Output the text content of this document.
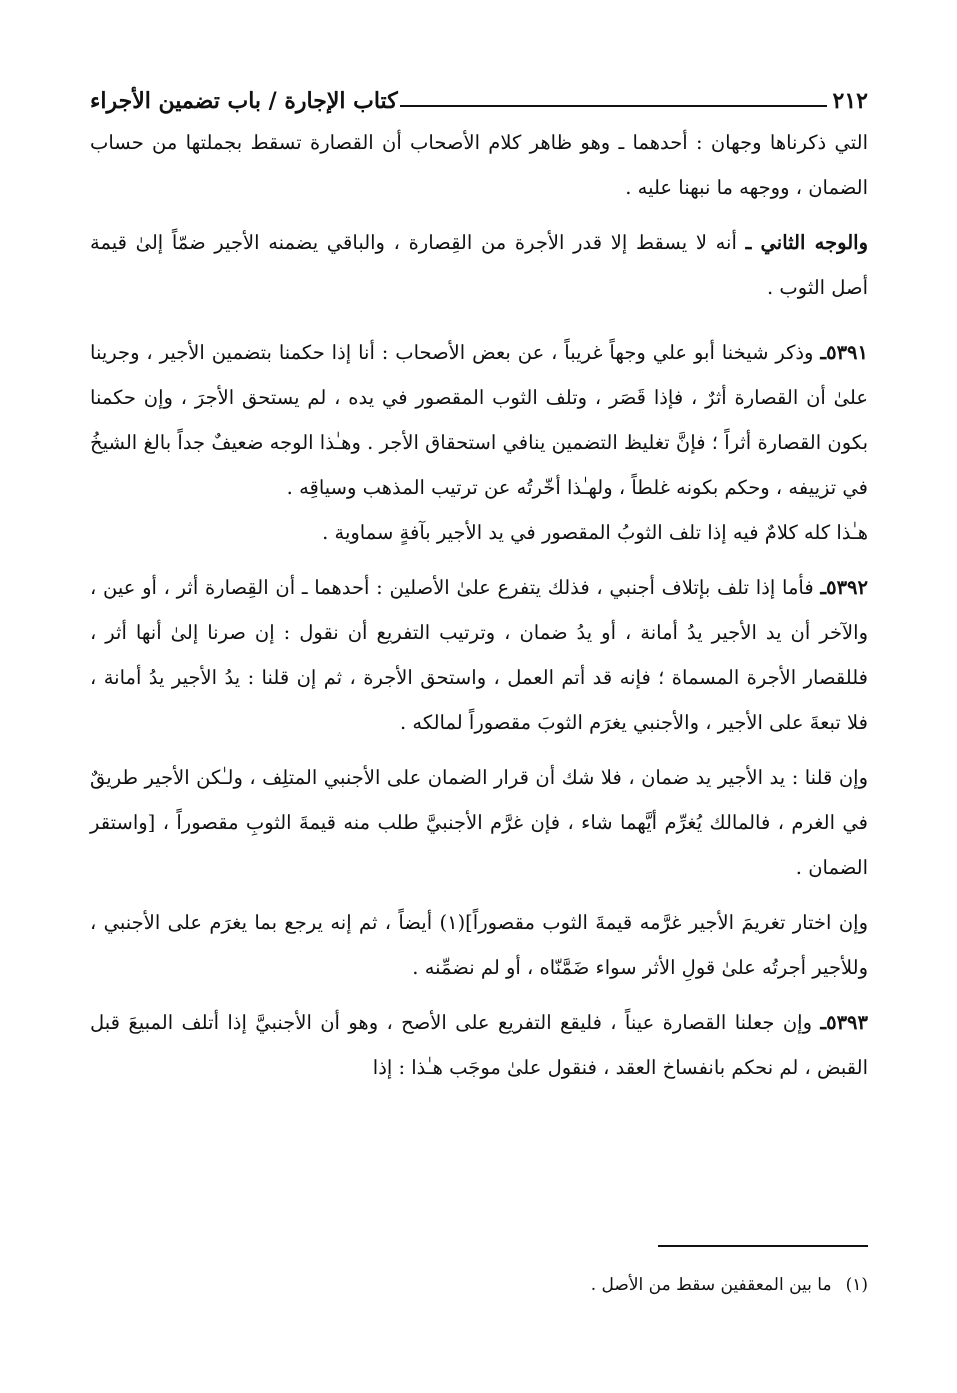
٢١٢
كتاب الإجارة / باب تضمين الأجراء

التي ذكرناها وجهان : أحدهما ـ وهو ظاهر كلام الأصحاب أن القصارة تسقط بجملتها من حساب الضمان ، ووجهه ما نبهنا عليه .

والوجه الثاني ـ أنه لا يسقط إلا قدر الأجرة من القِصارة ، والباقي يضمنه الأجير ضمّاً إلىٰ قيمة أصل الثوب .

٥٣٩١ـ وذكر شيخنا أبو علي وجهاً غريباً ، عن بعض الأصحاب : أنا إذا حكمنا بتضمين الأجير ، وجرينا علىٰ أن القصارة أثرٌ ، فإذا قَصَر ، وتلف الثوب المقصور في يده ، لم يستحق الأجرَ ، وإن حكمنا بكون القصارة أثراً ؛ فإنَّ تغليظ التضمين ينافي استحقاق الأجر . وهـٰذا الوجه ضعيفٌ جداً بالغ الشيخُ في تزييفه ، وحكم بكونه غلطاً ، ولهـٰذا أخّرتُه عن ترتيب المذهب وسياقِه .

هـٰذا كله كلامٌ فيه إذا تلف الثوبُ المقصور في يد الأجير بآفةٍ سماوية .

٥٣٩٢ـ فأما إذا تلف بإتلاف أجنبي ، فذلك يتفرع علىٰ الأصلين : أحدهما ـ أن القِصارة أثر ، أو عين ، والآخر أن يد الأجير يدُ أمانة ، أو يدُ ضمان ، وترتيب التفريع أن نقول : إن صرنا إلىٰ أنها أثر ، فللقصار الأجرة المسماة ؛ فإنه قد أتم العمل ، واستحق الأجرة ، ثم إن قلنا : يدُ الأجير يدُ أمانة ، فلا تبعةَ على الأجير ، والأجنبي يغرَم الثوبَ مقصوراً لمالكه .

وإن قلنا : يد الأجير يد ضمان ، فلا شك أن قرار الضمان على الأجنبي المتلِف ، ولـٰكن الأجير طريقٌ في الغرم ، فالمالك يُغرِّم أيَّهما شاء ، فإن غرَّم الأجنبيَّ طلب منه قيمةَ الثوبِ مقصوراً ، [واستقر الضمان .

وإن اختار تغريمَ الأجير غرَّمه قيمةَ الثوب مقصوراً](١) أيضاً ، ثم إنه يرجع بما يغرَم على الأجنبي ، وللأجير أجرتُه علىٰ قولِ الأثر سواء ضَمَّنّاه ، أو لم نضمِّنه .

٥٣٩٣ـ وإن جعلنا القصارة عيناً ، فليقع التفريع على الأصح ، وهو أن الأجنبيَّ إذا أتلف المبيعَ قبل القبض ، لم نحكم بانفساخ العقد ، فنقول علىٰ موجَب هـٰذا : إذا

(١)ما بين المعقفين سقط من الأصل .
